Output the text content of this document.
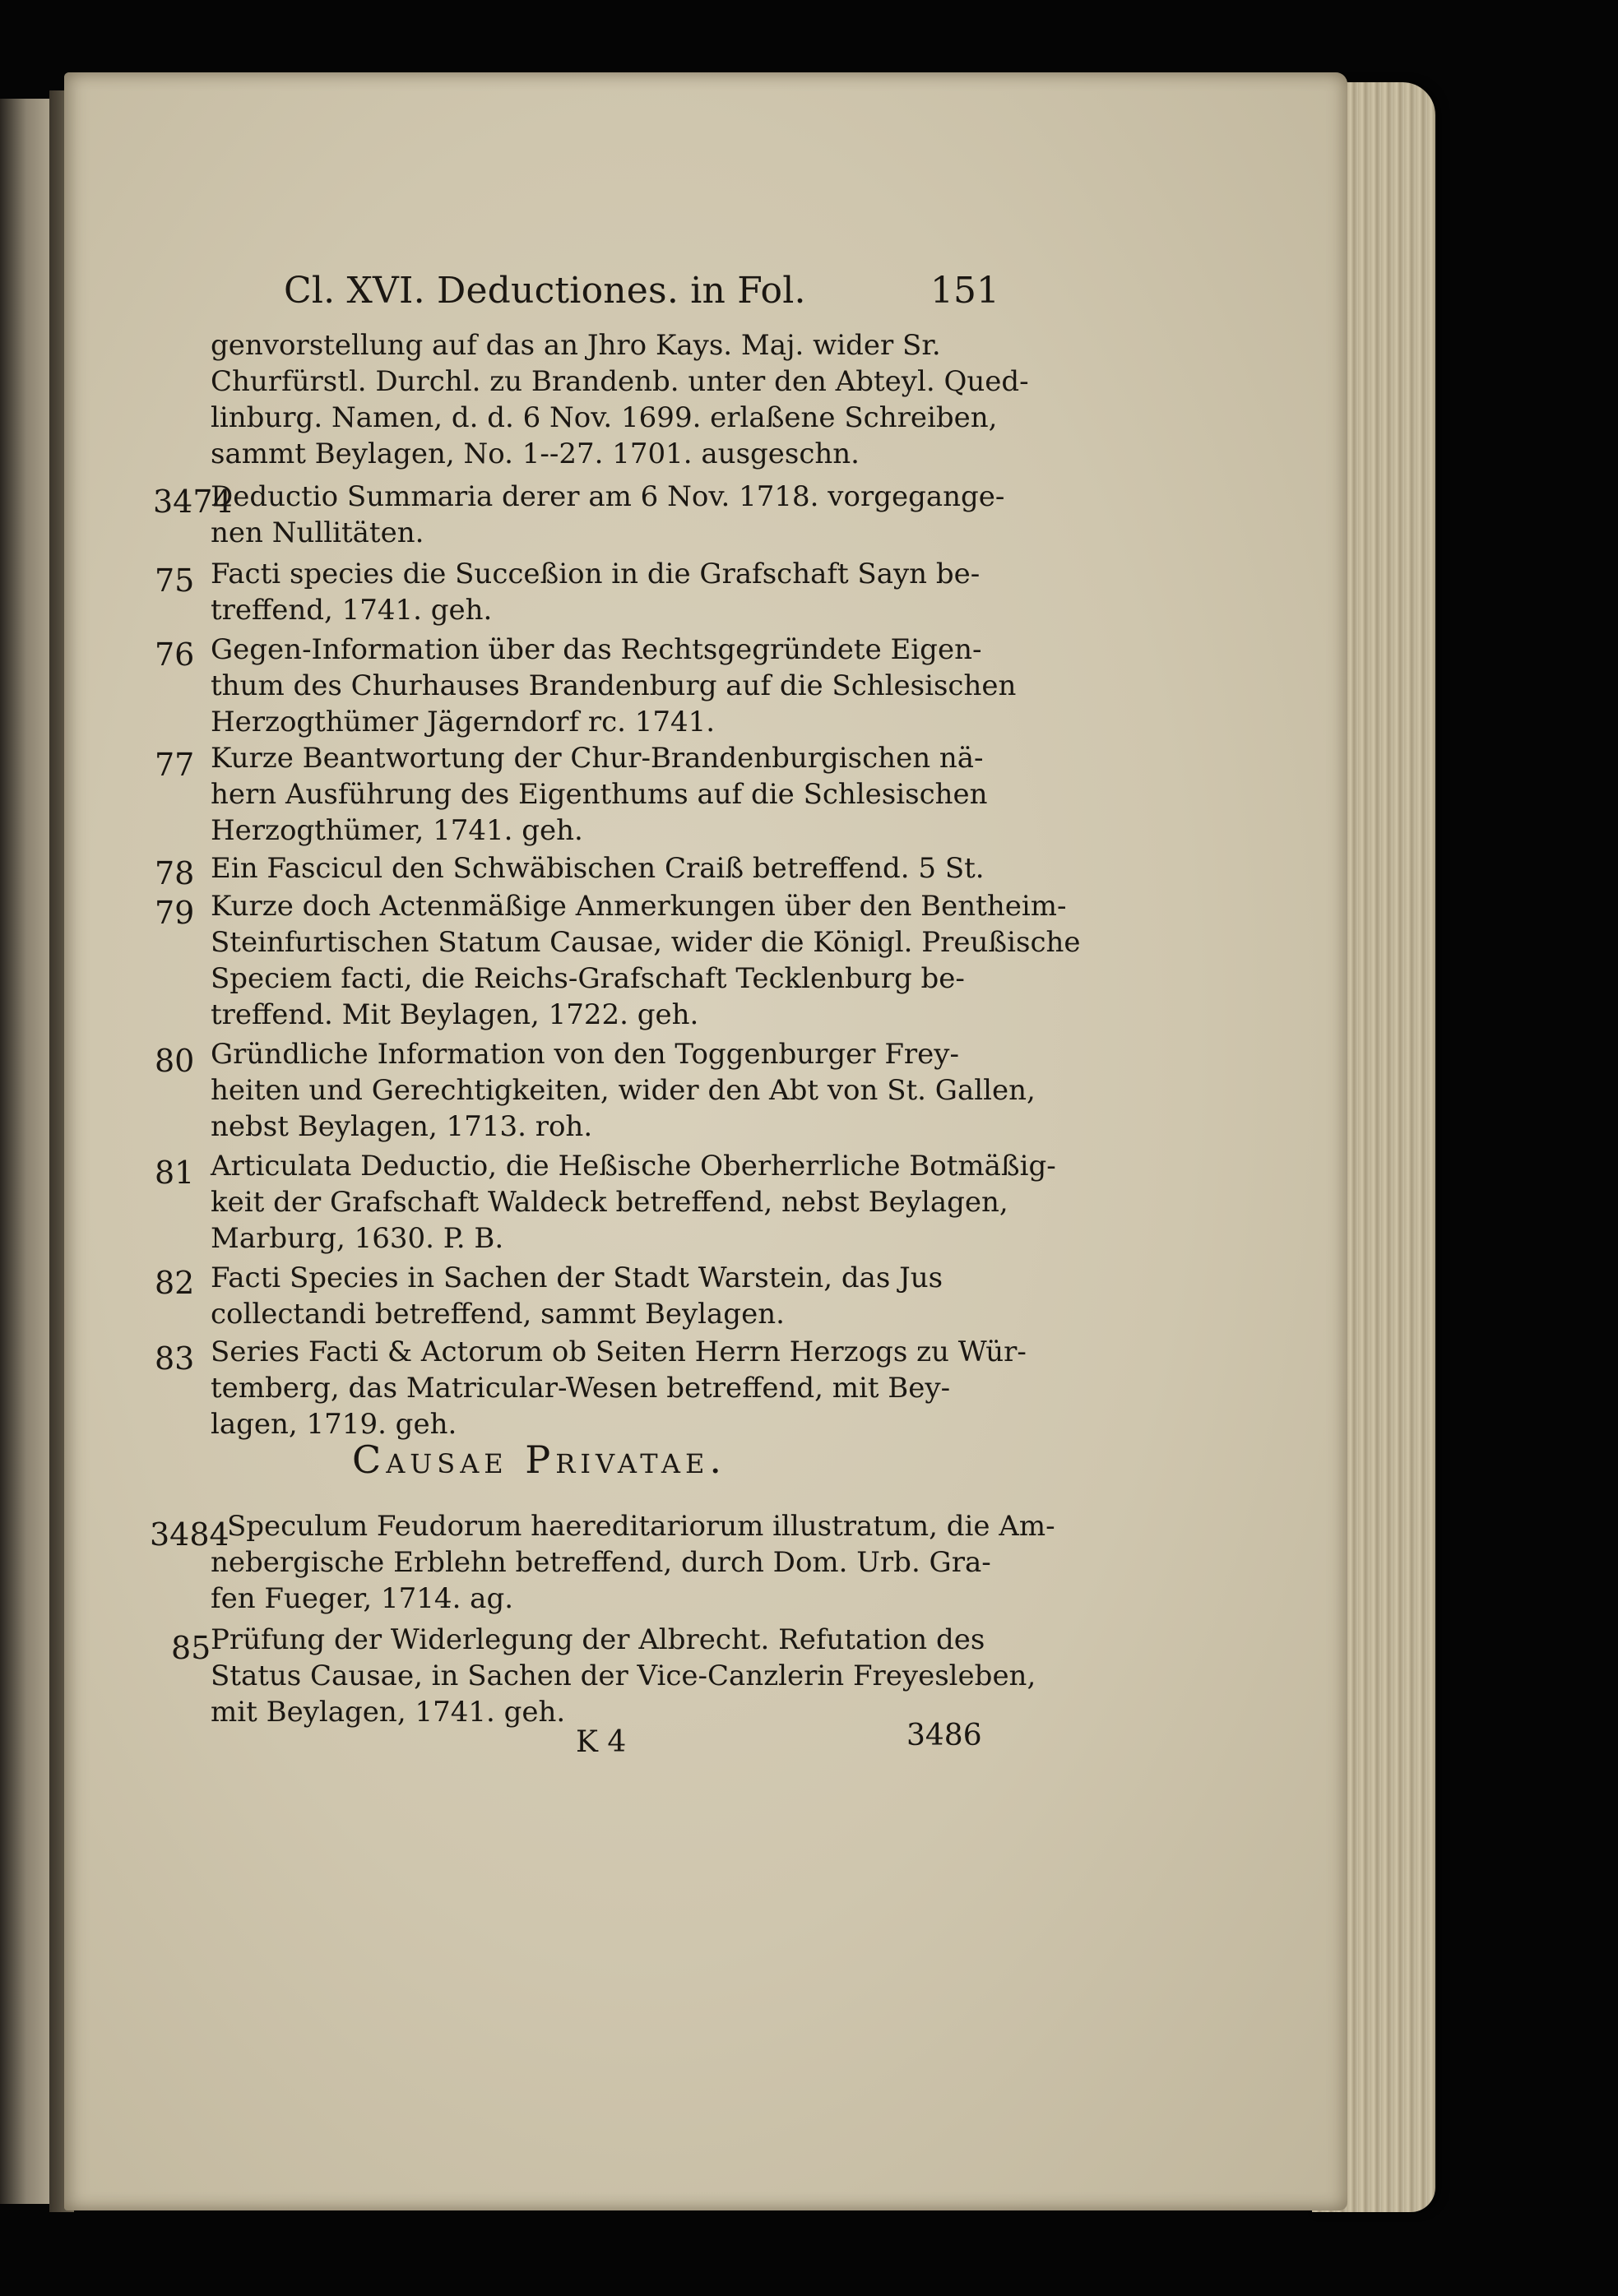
Cl. XVI. Deductiones. in Fol.	151
genvorstellung auf das an Jhro Kays. Maj. wider Sr.
Churfürstl. Durchl. zu Brandenb. unter den Abteyl. Qued-
linburg. Namen, d. d. 6 Nov. 1699. erlaßene Schreiben,
sammt Beylagen, No. 1--27. 1701. ausgeschn.
3474
Deductio Summaria derer am 6 Nov. 1718. vorgegange-
nen Nullitäten.
75 Facti species die Succeßion in die Grafschaft Sayn be-
treffend, 1741. geh.
76 Gegen-Information über das Rechtsgegründete Eigen-
thum des Churhauses Brandenburg auf die Schlesischen
Herzogthümer Jägerndorf rc. 1741.
77 Kurze Beantwortung der Chur-Brandenburgischen nä-
hern Ausführung des Eigenthums auf die Schlesischen
Herzogthümer, 1741. geh.
78 Ein Fascicul den Schwäbischen Craiß betreffend. 5 St.
79 Kurze doch Actenmäßige Anmerkungen über den Bentheim-
Steinfurtischen Statum Causae, wider die Königl. Preußische
Speciem facti, die Reichs-Grafschaft Tecklenburg be-
treffend. Mit Beylagen, 1722. geh.
80 Gründliche Information von den Toggenburger Frey-
heiten und Gerechtigkeiten, wider den Abt von St. Gallen,
nebst Beylagen, 1713. roh.
81 Articulata Deductio, die Heßische Oberherrliche Botmäßig-
keit der Grafschaft Waldeck betreffend, nebst Beylagen,
Marburg, 1630. P. B.
82 Facti Species in Sachen der Stadt Warstein, das Jus
collectandi betreffend, sammt Beylagen.
83 Series Facti & Actorum ob Seiten Herrn Herzogs zu Wür-
temberg, das Matricular-Wesen betreffend, mit Bey-
lagen, 1719. geh.
3484
Speculum Feudorum haereditariorum illustratum, die Am-
nebergische Erblehn betreffend, durch Dom. Urb. Gra-
fen Fueger, 1714. ag.
85 Prüfung der Widerlegung der Albrecht. Refutation des
Status Causae, in Sachen der Vice-Canzlerin Freyesleben,
mit Beylagen, 1741. geh.
Causae Privatae.
K 4	3486
